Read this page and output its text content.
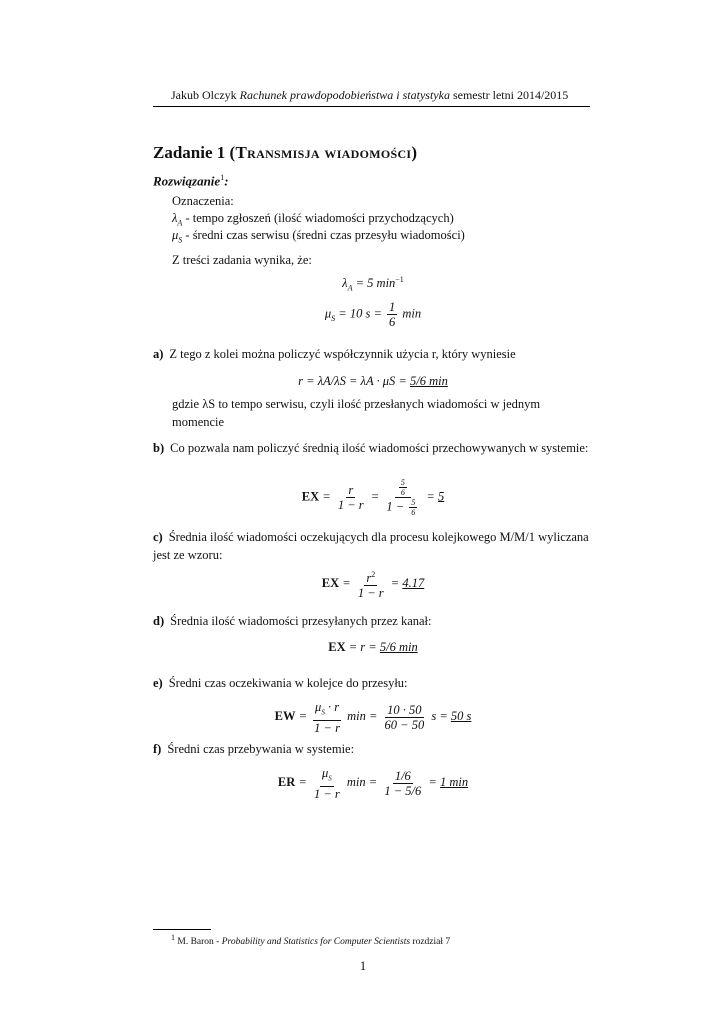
Jakub Olczyk Rachunek prawdopodobieństwa i statystyka semestr letni 2014/2015
Zadanie 1 (Transmisja wiadomości)
Rozwiązanie$^1$:
Oznaczenia:
$\lambda_A$ - tempo zgłoszeń (ilość wiadomości przychodzących)
$\mu_S$ - średni czas serwisu (średni czas przesyłu wiadomości)
Z treści zadania wynika, że:
$\lambda_A = 5$ $\min^{-1}$
$\mu_S = 10$ $s = \frac{1}{6}$ min
a) Z tego z kolei można policzyć współczynnik użycia r, który wyniesie
r = λA/λS = λA · μS = 5/6 min
gdzie λS to tempo serwisu, czyli ilość przesłanych wiadomości w jednym momencie
b) Co pozwala nam policzyć średnią ilość wiadomości przechowywanych w systemie:
EX = $\frac{r}{1 - r} = \frac{\frac{5}{6}}{1 - \frac{5}{6}} = 5$
c) Średnia ilość wiadomości oczekujących dla procesu kolejkowego M/M/1 wyliczana jest ze wzoru:
EX = $\frac{r^2}{1 - r} = 4.17$
d) Średnia ilość wiadomości przesyłanych przez kanał:
EX = r = 5/6 min
e) Średni czas oczekiwania w kolejce do przesyłu:
EW = $\frac{\mu_S \cdot r}{1 - r}$ $\min = \frac{10 \cdot 50}{60 - 50}$ s = 50 s
f) Średni czas przebywania w systemie:
ER = $\frac{\mu_S}{1 - r}$ $\min = \frac{1/6}{1 - 5/6} = 1$ min
$^1$ M. Baron - Probability and Statistics for Computer Scientists rozdział 7
1
